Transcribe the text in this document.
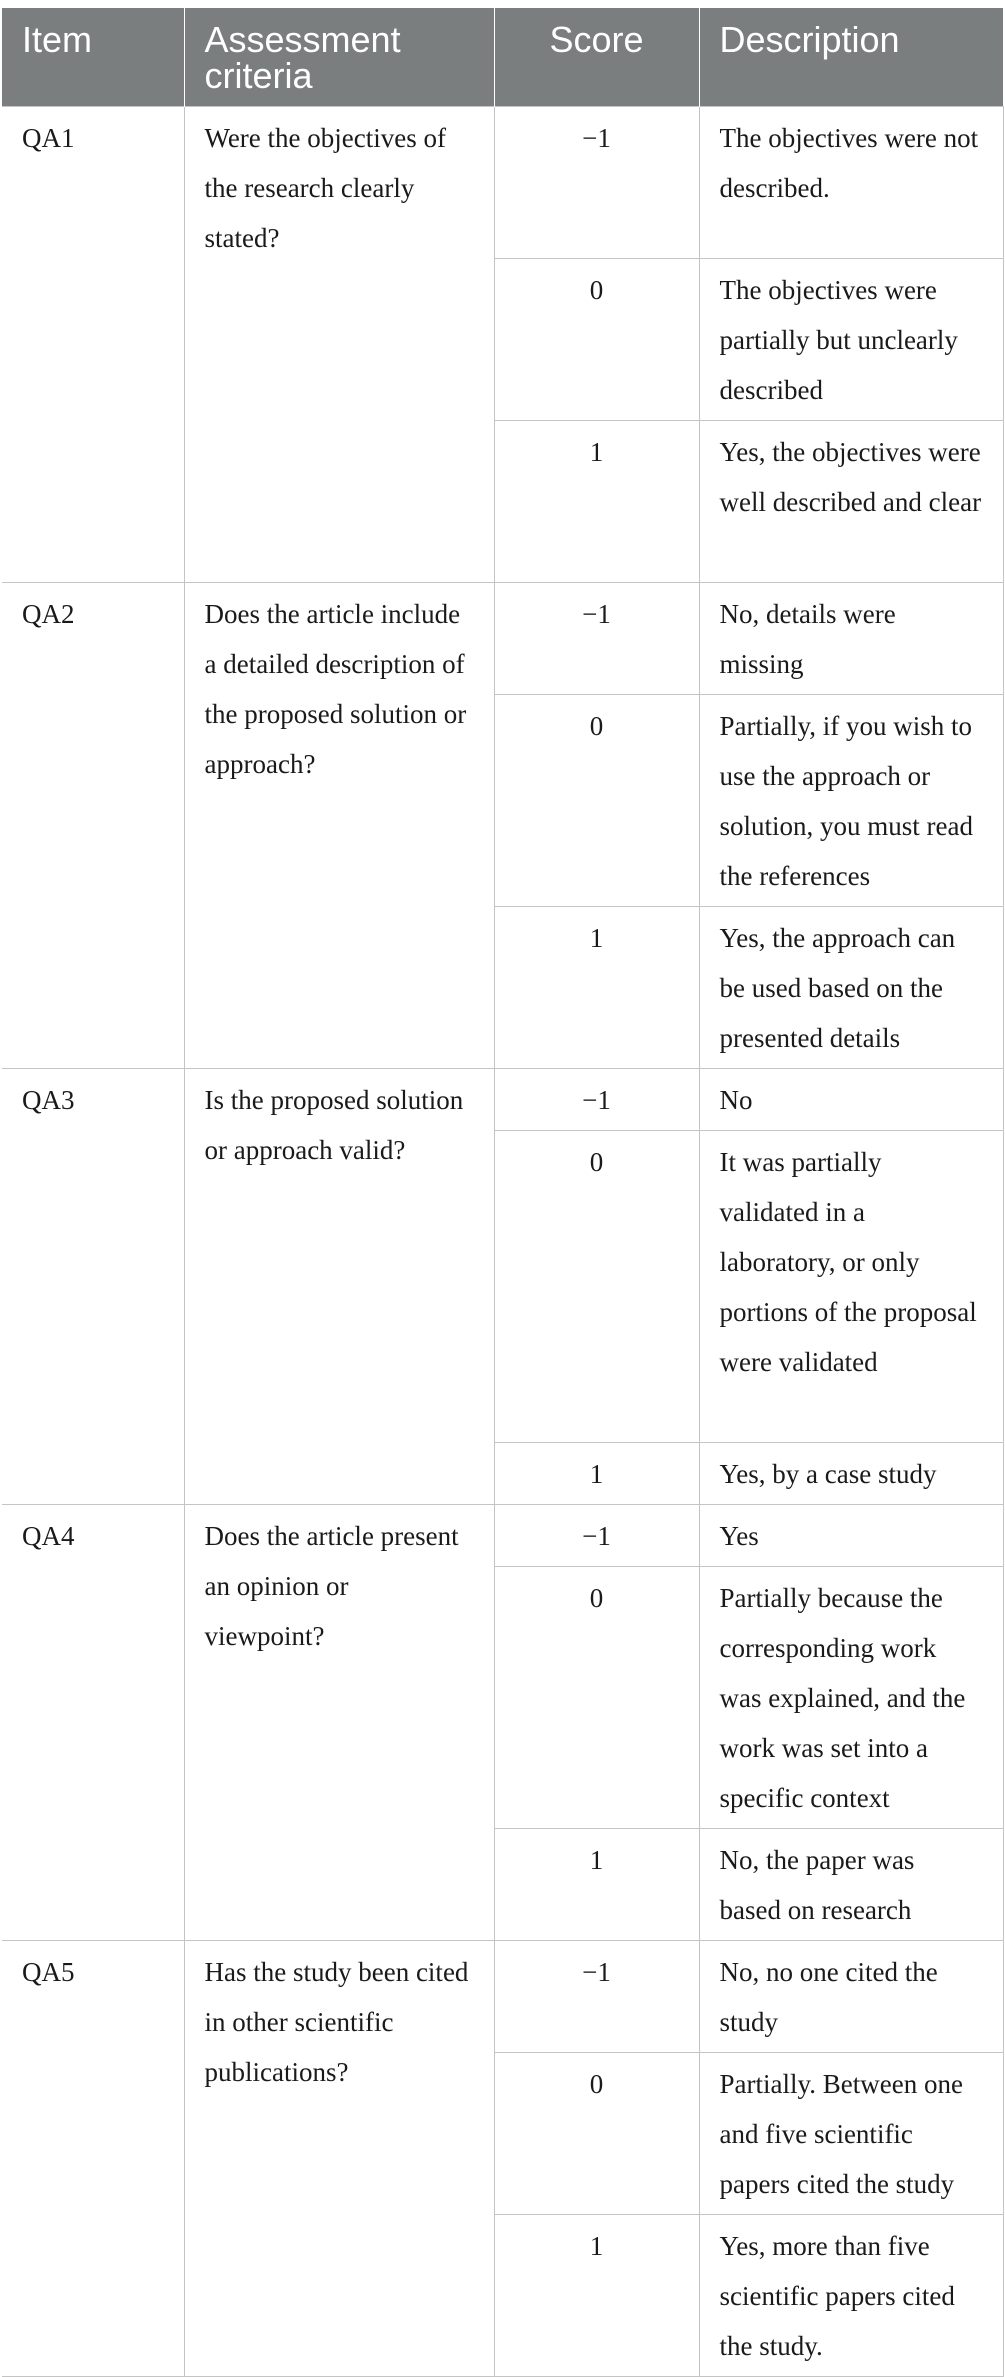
Item	Assessment criteria	Score	Description
QA1	Were the objectives of the research clearly stated?	−1	The objectives were not described.
		0	The objectives were partially but unclearly described
		1	Yes, the objectives were well described and clear
QA2	Does the article include a detailed description of the proposed solution or approach?	−1	No, details were missing
		0	Partially, if you wish to use the approach or solution, you must read the references
		1	Yes, the approach can be used based on the presented details
QA3	Is the proposed solution or approach valid?	−1	No
		0	It was partially validated in a laboratory, or only portions of the proposal were validated
		1	Yes, by a case study
QA4	Does the article present an opinion or viewpoint?	−1	Yes
		0	Partially because the corresponding work was explained, and the work was set into a specific context
		1	No, the paper was based on research
QA5	Has the study been cited in other scientific publications?	−1	No, no one cited the study
		0	Partially. Between one and five scientific papers cited the study
		1	Yes, more than five scientific papers cited the study.
